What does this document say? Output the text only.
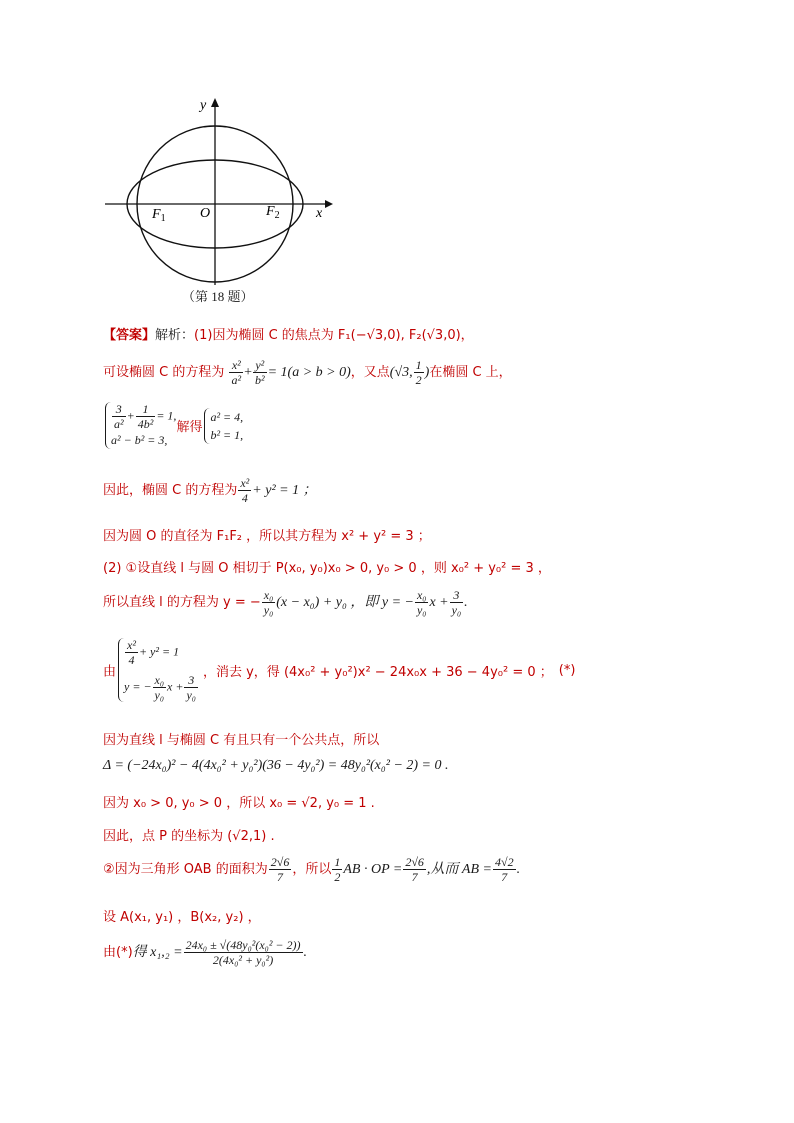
y
x
O
$F_1$	$F_2$
（第 18 题）
【答案】解析：(1)因为椭圆 C 的焦点为 F₁(−√3,0), F₂(√3,0)，
可设椭圆 C 的方程为 $\frac{\text{x²}}{\text{a²}} + \frac{\text{y²}}{\text{b²}} = 1(a > b > 0)$，又点(√3, $\frac{1}{2}$ )在椭圆 C 上，
$\frac{3}{\text{a²}} + \frac{1}{\text{4b²}} = 1$,
a² − b² = 3,
解得
a² = 4,
b² = 1,
因此，椭圆 C 的方程为 $\frac{\text{x²}}{4} + y^2 = 1$ ；
因为圆 O 的直径为 F₁F₂ ，所以其方程为 x² + y² = 3 ；
(2) ①设直线 l 与圆 O 相切于 P(x₀, y₀)x₀ > 0, y₀ > 0 ，则 x₀² + y₀² = 3 ，
所以直线 l 的方程为 y = − $\frac{\text{x₀}}{\text{y₀}} (x - x_0) + y_0$ ，即 y = − $\frac{\text{x₀}}{\text{y₀}}$ $x + \frac{3}{\text{y₀}}$ .
由
$\frac{\text{x²}}{4} + y^2 = 1$
y = − $\frac{\text{x₀}}{\text{y₀}}$ $x + \frac{3}{\text{y₀}}$
，消去 y，得 (4x₀² + y₀²)x² − 24x₀x + 36 − 4y₀² = 0 ； (*)
因为直线 l 与椭圆 C 有且只有一个公共点，所以
Δ = (−24x₀)² − 4(4x₀² + y₀²)(36 − 4y₀²) = 48y₀²(x₀² − 2) = 0 .
因为 x₀ > 0, y₀ > 0 ，所以 x₀ = √2, y₀ = 1 .
因此，点 P 的坐标为 (√2,1) .
②因为三角形 OAB 的面积为 $\frac{2√6}{7}$ ，所以 $\frac{1}{2}$ AB · OP = $\frac{2√6}{7}$ ,从而 AB = $\frac{4√2}{7}$ .
设 A(x₁, y₁) ，B(x₂, y₂) ，
由(*)得 $x_1,_2 = \frac{\text{24x₀ ± √(48y₀²(x₀² − 2))}}{\text{2(4x₀² + y₀²)}}$ .
